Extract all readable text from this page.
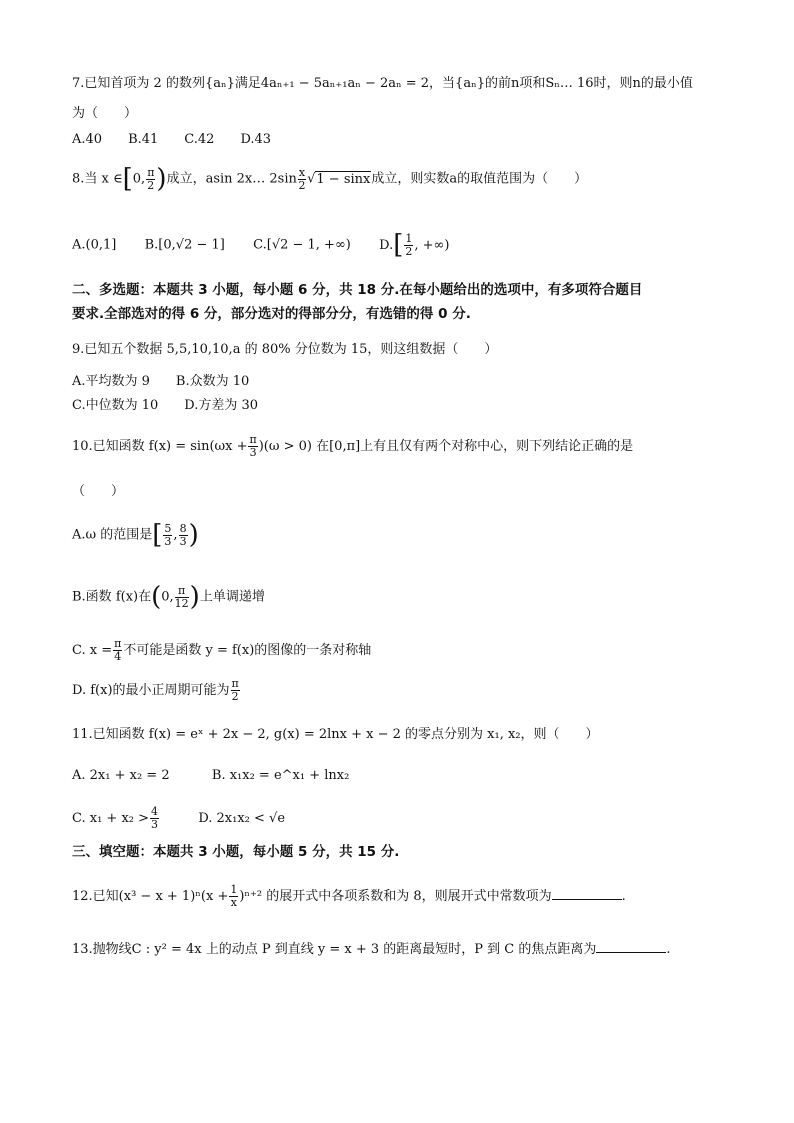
7.已知首项为 2 的数列{aₙ}满足4aₙ₊₁ − 5aₙ₊₁aₙ − 2aₙ = 2，当{aₙ}的前n项和Sₙ… 16时，则n的最小值
为（　　）
A.40　　B.41　　C.42　　D.43
8.当 x ∈[0, $\frac{\pi}{2}$ )成立，asin 2x… $2\sin \frac{x}{2} √1 - \sin x$成立，则实数a的取值范围为（　　）
A.(0,1] B.[0,√2 − 1] C.[√2 − 1, +∞) $D.[ \frac{1}{2}$ , +∞)
二、多选题：本题共 3 小题，每小题 6 分，共 18 分.在每小题给出的选项中，有多项符合题目
要求.全部选对的得 6 分，部分选对的得部分分，有选错的得 0 分.
9.已知五个数据 5,5,10,10,a 的 80% 分位数为 15，则这组数据（　　）
A.平均数为 9　　B.众数为 10
C.中位数为 10　　D.方差为 30
10.已知函数 $f(x) = \sin(\omega x + \frac{\pi}{3} )(\omega > 0)$ 在[0,π]上有且仅有两个对称中心，则下列结论正确的是
（　　）
A.ω 的范围是[ $\frac{5}{3}$ , $\frac{8}{3}$ )
B.函数 f(x)在(0, $\frac{\pi}{12}$ )上单调递增
C. $x = \frac{\pi}{4}$ 不可能是函数 y = f(x)的图像的一条对称轴
D. f(x)的最小正周期可能为 $\frac{\pi}{2}$
11.已知函数 f(x) = eˣ + 2x − 2, g(x) = 2lnx + x − 2 的零点分别为 x₁, x₂，则（　　）
A. 2x₁ + x₂ = 2	B. x₁x₂ = e^x₁ + lnx₂
C. $x_1 + x_2 > \frac{4}{3}$	D. 2x₁x₂ < √e
三、填空题：本题共 3 小题，每小题 5 分，共 15 分.
12.已知$(x^3 - x + 1)^n(x + \frac{1}{x} )^{n+2}$ 的展开式中各项系数和为 8，则展开式中常数项为	.
13.抛物线C : y² = 4x 上的动点 P 到直线 y = x + 3 的距离最短时，P 到 C 的焦点距离为	.
